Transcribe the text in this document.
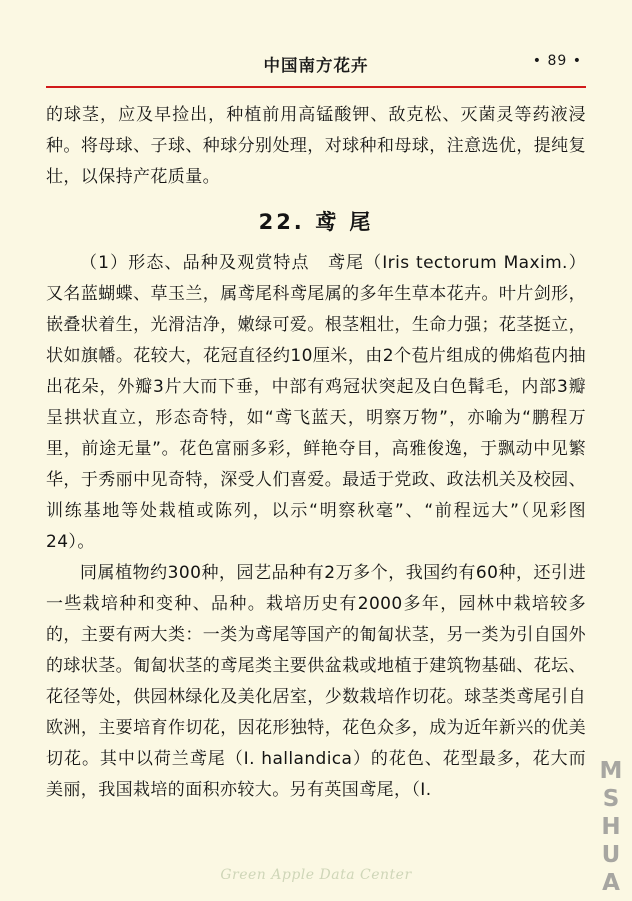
中国南方花卉	• 89 •

的球茎，应及早捡出，种植前用高锰酸钾、敌克松、灭菌灵等药液浸种。将母球、子球、种球分别处理，对球种和母球，注意选优，提纯复壮，以保持产花质量。

22. 鸢 尾

（1）形态、品种及观赏特点　鸢尾（Iris tectorum Maxim.）又名蓝蝴蝶、草玉兰，属鸢尾科鸢尾属的多年生草本花卉。叶片剑形，嵌叠状着生，光滑洁净，嫩绿可爱。根茎粗壮，生命力强；花茎挺立，状如旗幡。花较大，花冠直径约10厘米，由2个苞片组成的佛焰苞内抽出花朵，外瓣3片大而下垂，中部有鸡冠状突起及白色髯毛，内部3瓣呈拱状直立，形态奇特，如“鸢飞蓝天，明察万物”，亦喻为“鹏程万里，前途无量”。花色富丽多彩，鲜艳夺目，高雅俊逸，于飘动中见繁华，于秀丽中见奇特，深受人们喜爱。最适于党政、政法机关及校园、训练基地等处栽植或陈列，以示“明察秋毫”、“前程远大”（见彩图24）。

同属植物约300种，园艺品种有2万多个，我国约有60种，还引进一些栽培种和变种、品种。栽培历史有2000多年，园林中栽培较多的，主要有两大类：一类为鸢尾等国产的匍匐状茎，另一类为引自国外的球状茎。匍匐状茎的鸢尾类主要供盆栽或地植于建筑物基础、花坛、花径等处，供园林绿化及美化居室，少数栽培作切花。球茎类鸢尾引自欧洲，主要培育作切花，因花形独特，花色众多，成为近年新兴的优美切花。其中以荷兰鸢尾（I. hallandica）的花色、花型最多，花大而美丽，我国栽培的面积亦较大。另有英国鸢尾，（I.	MSHUA
Green Apple Data Center
